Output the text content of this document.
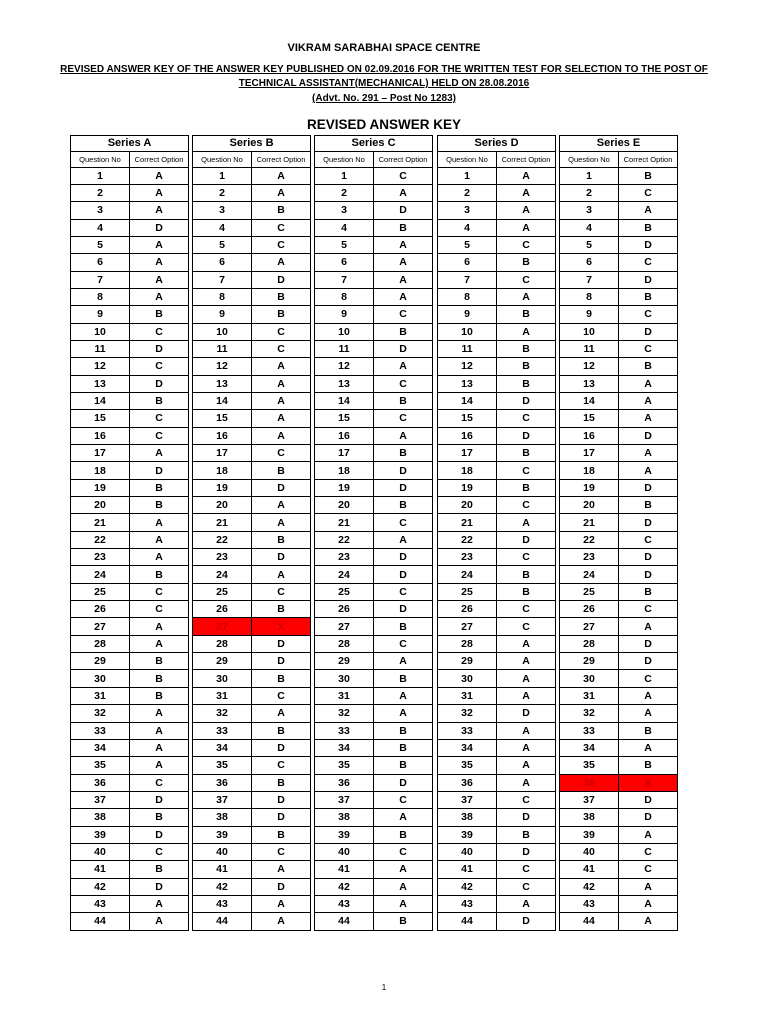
VIKRAM SARABHAI SPACE CENTRE
REVISED ANSWER KEY OF THE ANSWER KEY PUBLISHED ON 02.09.2016 FOR THE WRITTEN TEST FOR SELECTION TO THE POST OF
TECHNICAL ASSISTANT(MECHANICAL) HELD ON 28.08.2016
(Advt. No. 291 – Post No 1283)
REVISED ANSWER KEY
Series A	
Question No	Correct Option
1	A
2	A
3	A
4	D
5	A
6	A
7	A
8	A
9	B
10	C
11	D
12	C
13	D
14	B
15	C
16	C
17	A
18	D
19	B
20	B
21	A
22	A
23	A
24	B
25	C
26	C
27	A
28	A
29	B
30	B
31	B
32	A
33	A
34	A
35	A
36	C
37	D
38	B
39	D
40	C
41	B
42	D
43	A
44	A
Series B	
Question No	Correct Option
1	A
2	A
3	B
4	C
5	C
6	A
7	D
8	B
9	B
10	C
11	C
12	A
13	A
14	A
15	A
16	A
17	C
18	B
19	D
20	A
21	A
22	B
23	D
24	A
25	C
26	B
27	X
28	D
29	D
30	B
31	C
32	A
33	B
34	D
35	C
36	B
37	D
38	D
39	B
40	C
41	A
42	D
43	A
44	A
Series C	
Question No	Correct Option
1	C
2	A
3	D
4	B
5	A
6	A
7	A
8	A
9	C
10	B
11	D
12	A
13	C
14	B
15	C
16	A
17	B
18	D
19	D
20	B
21	C
22	A
23	D
24	D
25	C
26	D
27	B
28	C
29	A
30	B
31	A
32	A
33	B
34	B
35	B
36	D
37	C
38	A
39	B
40	C
41	A
42	A
43	A
44	B
Series D	
Question No	Correct Option
1	A
2	A
3	A
4	A
5	C
6	B
7	C
8	A
9	B
10	A
11	B
12	B
13	B
14	D
15	C
16	D
17	B
18	C
19	B
20	C
21	A
22	D
23	C
24	B
25	B
26	C
27	C
28	A
29	A
30	A
31	A
32	D
33	A
34	A
35	A
36	A
37	C
38	D
39	B
40	D
41	C
42	C
43	A
44	D
Series E	
Question No	Correct Option
1	B
2	C
3	A
4	B
5	D
6	C
7	D
8	B
9	C
10	D
11	C
12	B
13	A
14	A
15	A
16	D
17	A
18	A
19	D
20	B
21	D
22	C
23	D
24	D
25	B
26	C
27	A
28	D
29	D
30	C
31	A
32	A
33	B
34	A
35	B
36	X
37	D
38	D
39	A
40	C
41	C
42	A
43	A
44	A
1
